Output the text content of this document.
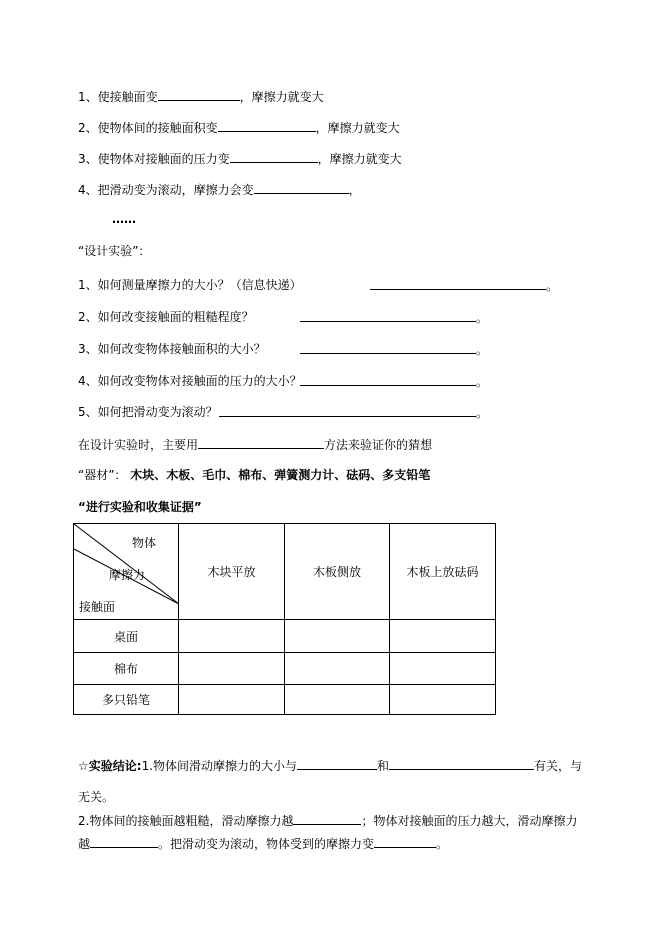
1、使接触面变	，摩擦力就变大
2、使物体间的接触面积变	，摩擦力就变大
3、使物体对接触面的压力变	，摩擦力就变大
4、把滑动变为滚动，摩擦力会变	，
……
“设计实验”：
1、如何测量摩擦力的大小？（信息快递）	。
2、如何改变接触面的粗糙程度？	。
3、如何改变物体接触面积的大小？	。
4、如何改变物体对接触面的压力的大小？	。
5、如何把滑动变为滚动？	。
在设计实验时，主要用	方法来验证你的猜想
“器材”： 木块、木板、毛巾、棉布、弹簧测力计、砝码、多支铅笔
“进行实验和收集证据”
物体
摩擦力
接触面	木块平放	木板侧放	木板上放砝码
桌面			
棉布			
多只铅笔			
☆实验结论:1.物体间滑动摩擦力的大小与	和	有关，与
无关。
2.物体间的接触面越粗糙，滑动摩擦力越	；物体对接触面的压力越大，滑动摩擦力
越	。把滑动变为滚动，物体受到的摩擦力变	。
